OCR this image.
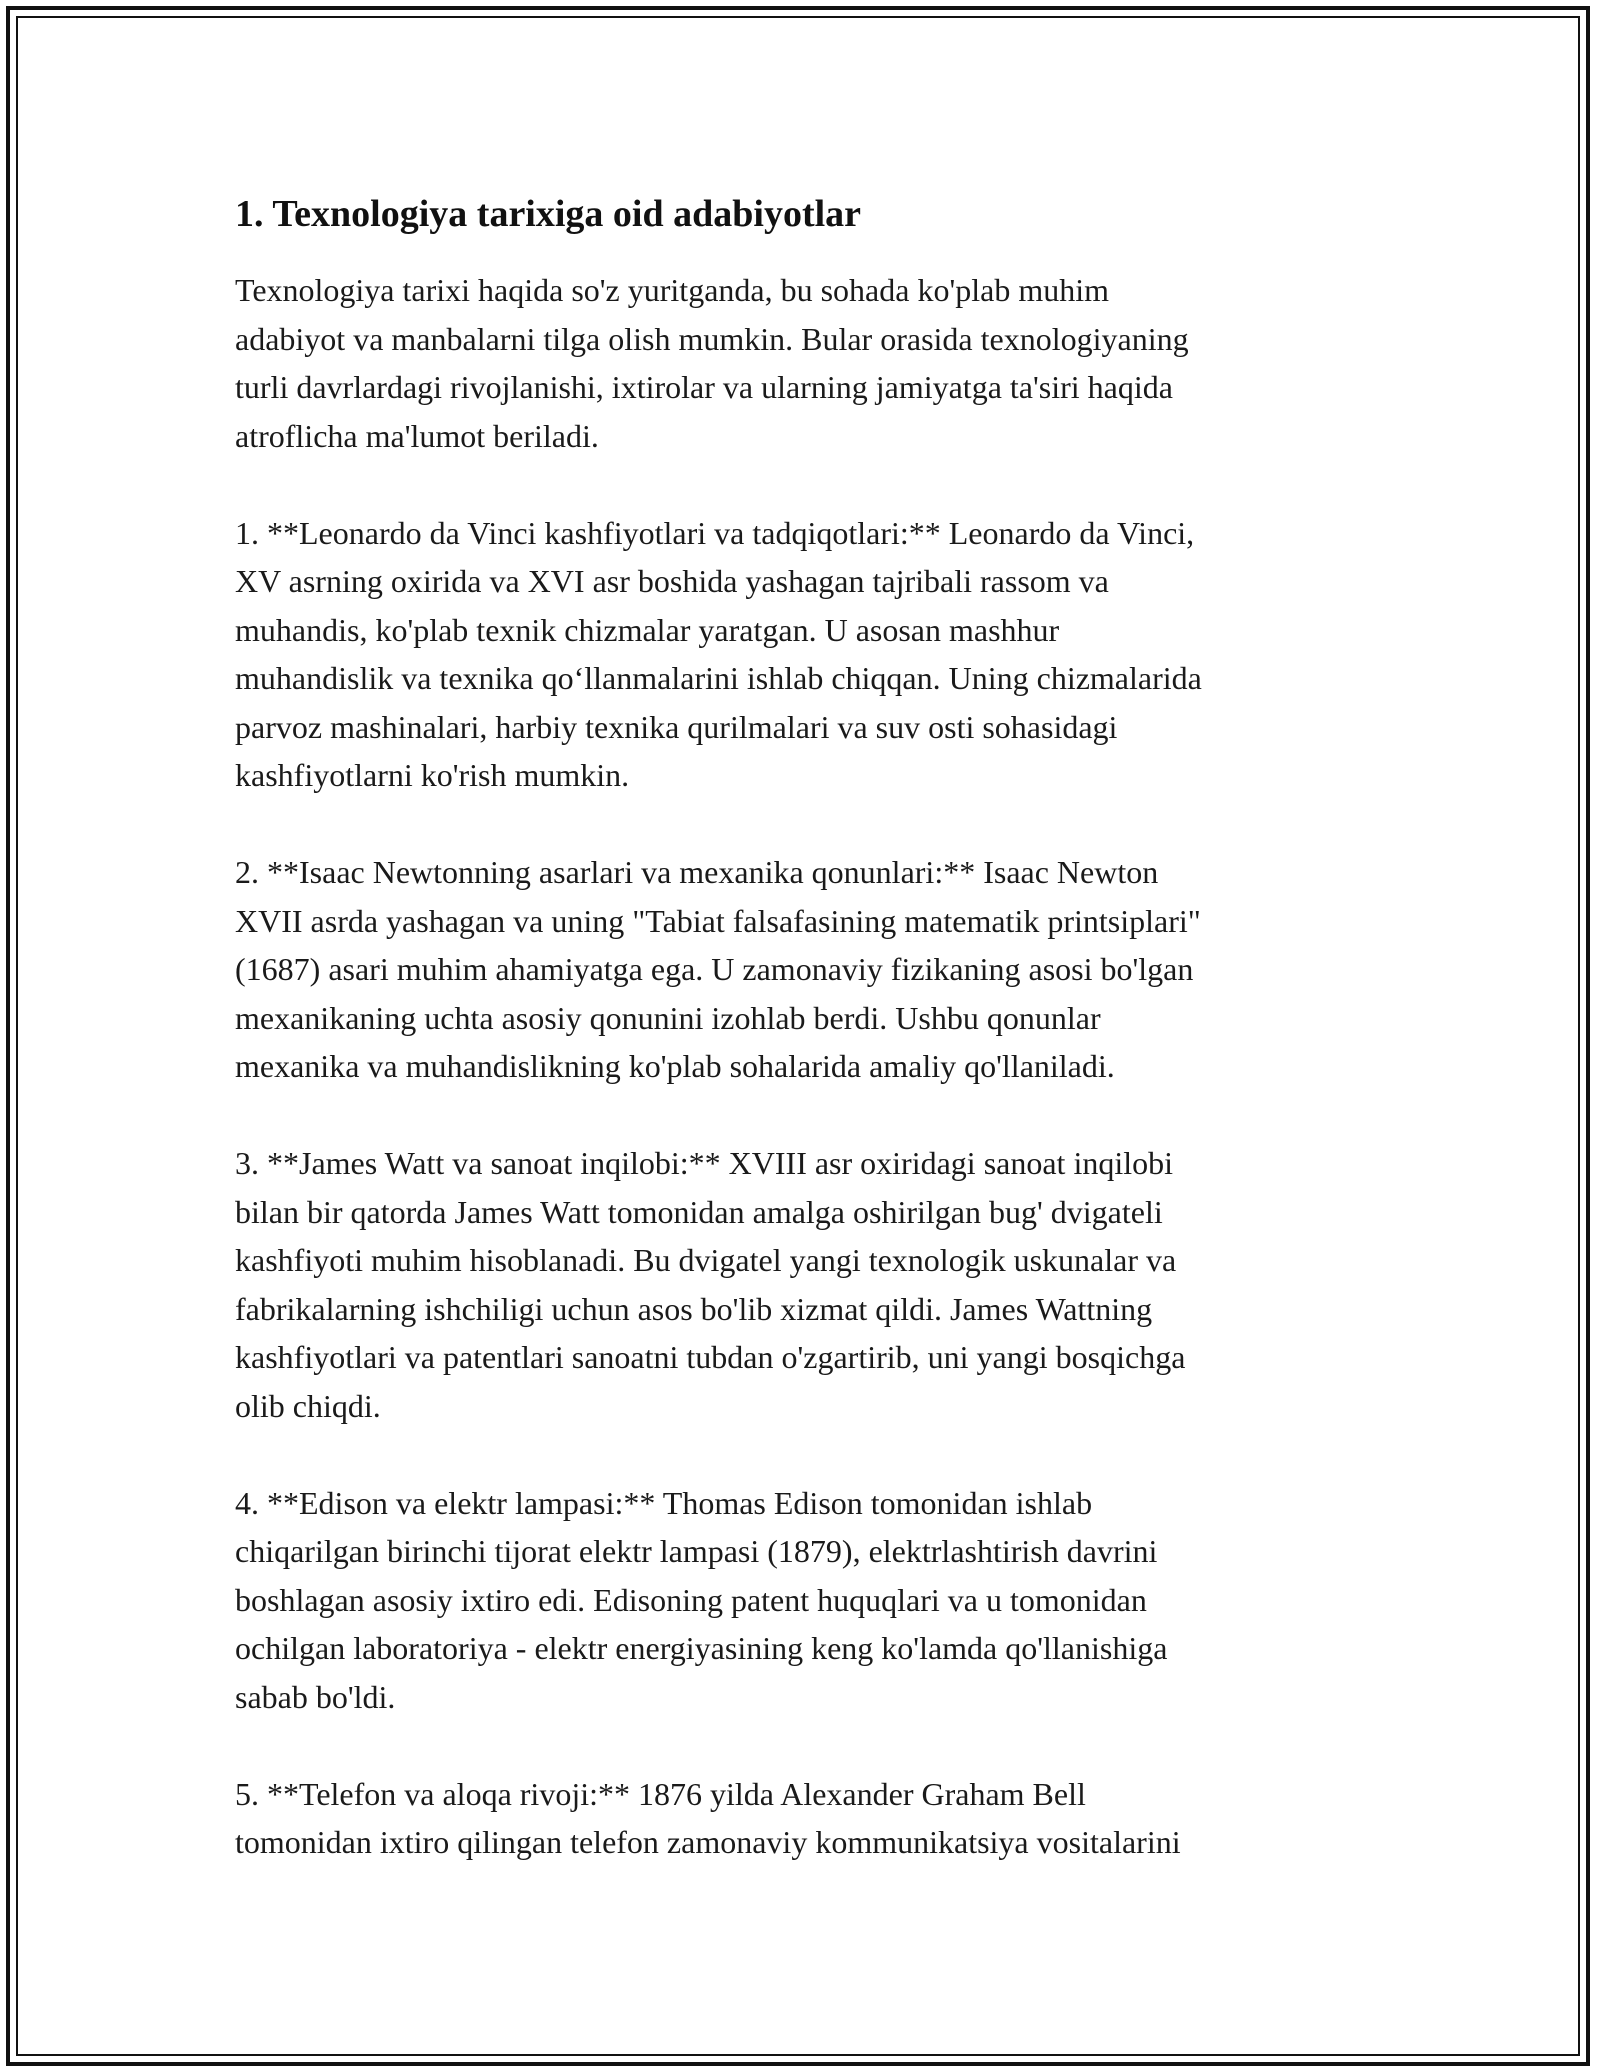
1. Texnologiya tarixiga oid adabiyotlar
Texnologiya tarixi haqida so'z yuritganda, bu sohada ko'plab muhim
adabiyot va manbalarni tilga olish mumkin. Bular orasida texnologiyaning
turli davrlardagi rivojlanishi, ixtirolar va ularning jamiyatga ta'siri haqida
atroflicha ma'lumot beriladi.
1. **Leonardo da Vinci kashfiyotlari va tadqiqotlari:** Leonardo da Vinci,
XV asrning oxirida va XVI asr boshida yashagan tajribali rassom va
muhandis, ko'plab texnik chizmalar yaratgan. U asosan mashhur
muhandislik va texnika qo‘llanmalarini ishlab chiqqan. Uning chizmalarida
parvoz mashinalari, harbiy texnika qurilmalari va suv osti sohasidagi
kashfiyotlarni ko'rish mumkin.
2. **Isaac Newtonning asarlari va mexanika qonunlari:** Isaac Newton
XVII asrda yashagan va uning "Tabiat falsafasining matematik printsiplari"
(1687) asari muhim ahamiyatga ega. U zamonaviy fizikaning asosi bo'lgan
mexanikaning uchta asosiy qonunini izohlab berdi. Ushbu qonunlar
mexanika va muhandislikning ko'plab sohalarida amaliy qo'llaniladi.
3. **James Watt va sanoat inqilobi:** XVIII asr oxiridagi sanoat inqilobi
bilan bir qatorda James Watt tomonidan amalga oshirilgan bug' dvigateli
kashfiyoti muhim hisoblanadi. Bu dvigatel yangi texnologik uskunalar va
fabrikalarning ishchiligi uchun asos bo'lib xizmat qildi. James Wattning
kashfiyotlari va patentlari sanoatni tubdan o'zgartirib, uni yangi bosqichga
olib chiqdi.
4. **Edison va elektr lampasi:** Thomas Edison tomonidan ishlab
chiqarilgan birinchi tijorat elektr lampasi (1879), elektrlashtirish davrini
boshlagan asosiy ixtiro edi. Edisoning patent huquqlari va u tomonidan
ochilgan laboratoriya - elektr energiyasining keng ko'lamda qo'llanishiga
sabab bo'ldi.
5. **Telefon va aloqa rivoji:** 1876 yilda Alexander Graham Bell
tomonidan ixtiro qilingan telefon zamonaviy kommunikatsiya vositalarini
